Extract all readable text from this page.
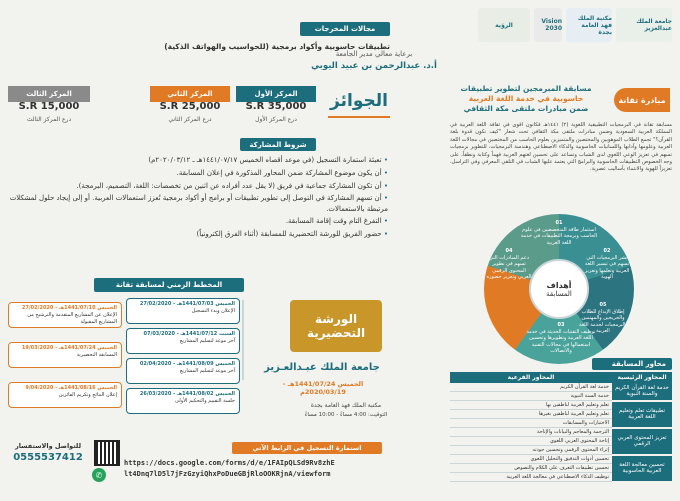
جامعة الملك عبدالعزيز
مكتبة الملك فهد العامة بجدة
Vision 2030
الرؤية
برعاية معالي مدير الجامعة
أ.د. عبدالرحمن بن عبيد اليوبي
مبادرة تقانة
مسابقة المبرمجين لتطوير تطبيقات
حاسوبية في خدمة اللغة العربية
ضمن مبادرات ملتقى مكة الثقافي
مسابقة تقانة في البرمجيات التطبيقية اللغوية (٢) ١٤٤١هـ فكانون أقوى في ثقافة اللغة العربية في المملكة العربية السعودية وضمن مبادرات ملتقى مكة الثقافي تحت شعار "كيف نكون قدوة بلغة القرآن؟" تجمع الطلاب الموهوبين والمختصين والمتميزين بعلوم الحاسب من المختصين في مجالات اللغة العربية وعلومها وآدابها واللسانيات الحاسوبية والذكاء الاصطناعي وهندسة البرمجيات، للتطوير برمجيات تسهم في تعزيز الوعي اللغوي لدى الشباب وتساعد على تحسين لغتهم العربية فهماً وكتابة ونطقاً، على وجه الخصوص التطبيقات الحاسوبية والبرامج التي يعتمد عليها الشباب في التلقي المعرفي وفي التراسل، تعزيزاً للهوية والانتماء بأساليب عصرية.
أهداف
المسابقة
01
استثمار طاقة المتخصصين في علوم الحاسب وبرمجة التطبيقات في خدمة اللغة العربية
02
نشر البرمجيات التي تسهم في تيسير اللغة العربية وتعلمها وتعزيز الهوية
03
توظيف التقنيات الحديثة في خدمة اللغة العربية وتطويرها وتحسين استعمالها في مجالات التقنية والاتصالات
04
دعم المبادرات التي تسهم في تطوير المحتوى الرقمي العربي وتعزيز حضوره
05
إطلاق الإبداع للطلاب والخريجين والمهتمين بالبرمجيات لخدمة اللغة العربية
محاور المسابقة
المحاور الرئيسية	المحاور الفرعية
خدمة لغة القرآن الكريم والسنة النبوية	خدمة لغة القرآن الكريم
	خدمة السنة النبوية
تطبيقات تعلم وتعليم اللغة العربية	تعلم وتعليم العربية لناطقين بها
	تعلم وتعليم العربية لناطقين بغيرها
	الاختبارات والمسابقات
تعزيز المحتوى العربي الرقمي	الترجمة والمعاجم والبيانات والإتاحة
	إتاحة المحتوى العربي اللغوي
	إثراء المحتوى الرقمي وتحسين جودته
تحسين معالجة اللغة العربية الحاسوبية	تحسين أدوات التدقيق والتحليل اللغوي
	تحسين تطبيقات التعرف على الكلام والنصوص
	توظيف الذكاء الاصطناعي في معالجة اللغة العربية
مجالات المخرجات
تطبيقات حاسوبية وأكواد برمجية (للحواسيب والهواتف الذكية)
الجوائز
المركز الأول
35,000 S.R
درع المركز الأول
المركز الثاني
25,000 S.R
درع المركز الثاني
المركز الثالث
15,000 S.R
درع المركز الثالث
شروط المشاركة
• تعبئة استمارة التسجيل (في موعد أقصاه الخميس ١٤٤١/٠٧/١٧هـ ـ ٢٠٢٠/٠٣/١٢م)
• أن يكون موضوع المشاركة ضمن المحاور المذكورة في إعلان المسابقة.
• أن تكون المشاركة جماعية في فريق (لا يقل عدد أفراده عن اثنين من تخصصات: اللغة، التصميم، البرمجة).
• أن تسهم المشاركة في التوصل إلى تطوير تطبيقات أو برامج أو أكواد برمجية تُعزز استعمالات العربية. أو إلى إيجاد حلول لمشكلات مرتبطة بالاستعمالات.
• التفرغ التام وقت إقامة المسابقة.
• حضور الفريق للورشة التحضيرية للمسابقة (أثناء الفرق إلكترونياً)
المخطط الزمني لمسابقة تقانة
الخميس 1441/07/10هـ - 27/02/2020
الإعلان عن المشاريع المتقدمة والترشيح من المشاريع المقبولة
الخميس 1441/07/24هـ - 19/03/2020
المسابقة التحضيرية
الخميس 1441/08/16هـ - 9/04/2020
إعلان النتائج وتكريم الفائزين
الخميس 1441/07/03هـ - 27/02/2020
الإعلان وبدء التسجيل
السبت 1441/07/12هـ - 07/03/2020
آخر موعد لتسليم المشاريع
الخميس 1441/08/09هـ - 02/04/2020
آخر موعد لتسليم المشاريع
الخميس 1441/08/02هـ - 26/03/2020
جلسة التقييم والتحكيم الأولى
الورشة
التحضيرية
جامعة الملك عبـدالعـزيز
الخميس 1441/07/24هـ - 2020/03/19م
مكتبة الملك فهد العامة بجدة
التوقيت: 4:00 مساءً - 10:00 مساءً
استمارة التسجيل في الرابط الآتي
https://docs.google.com/forms/d/e/1FAIpQLSd9Rv8zhE
lt4Dnq7lD5l7jFzGzyiQhxPoDueGBjRloOOKRjnA/viewform
للتواصل والاستفسار
0555537412
✆
